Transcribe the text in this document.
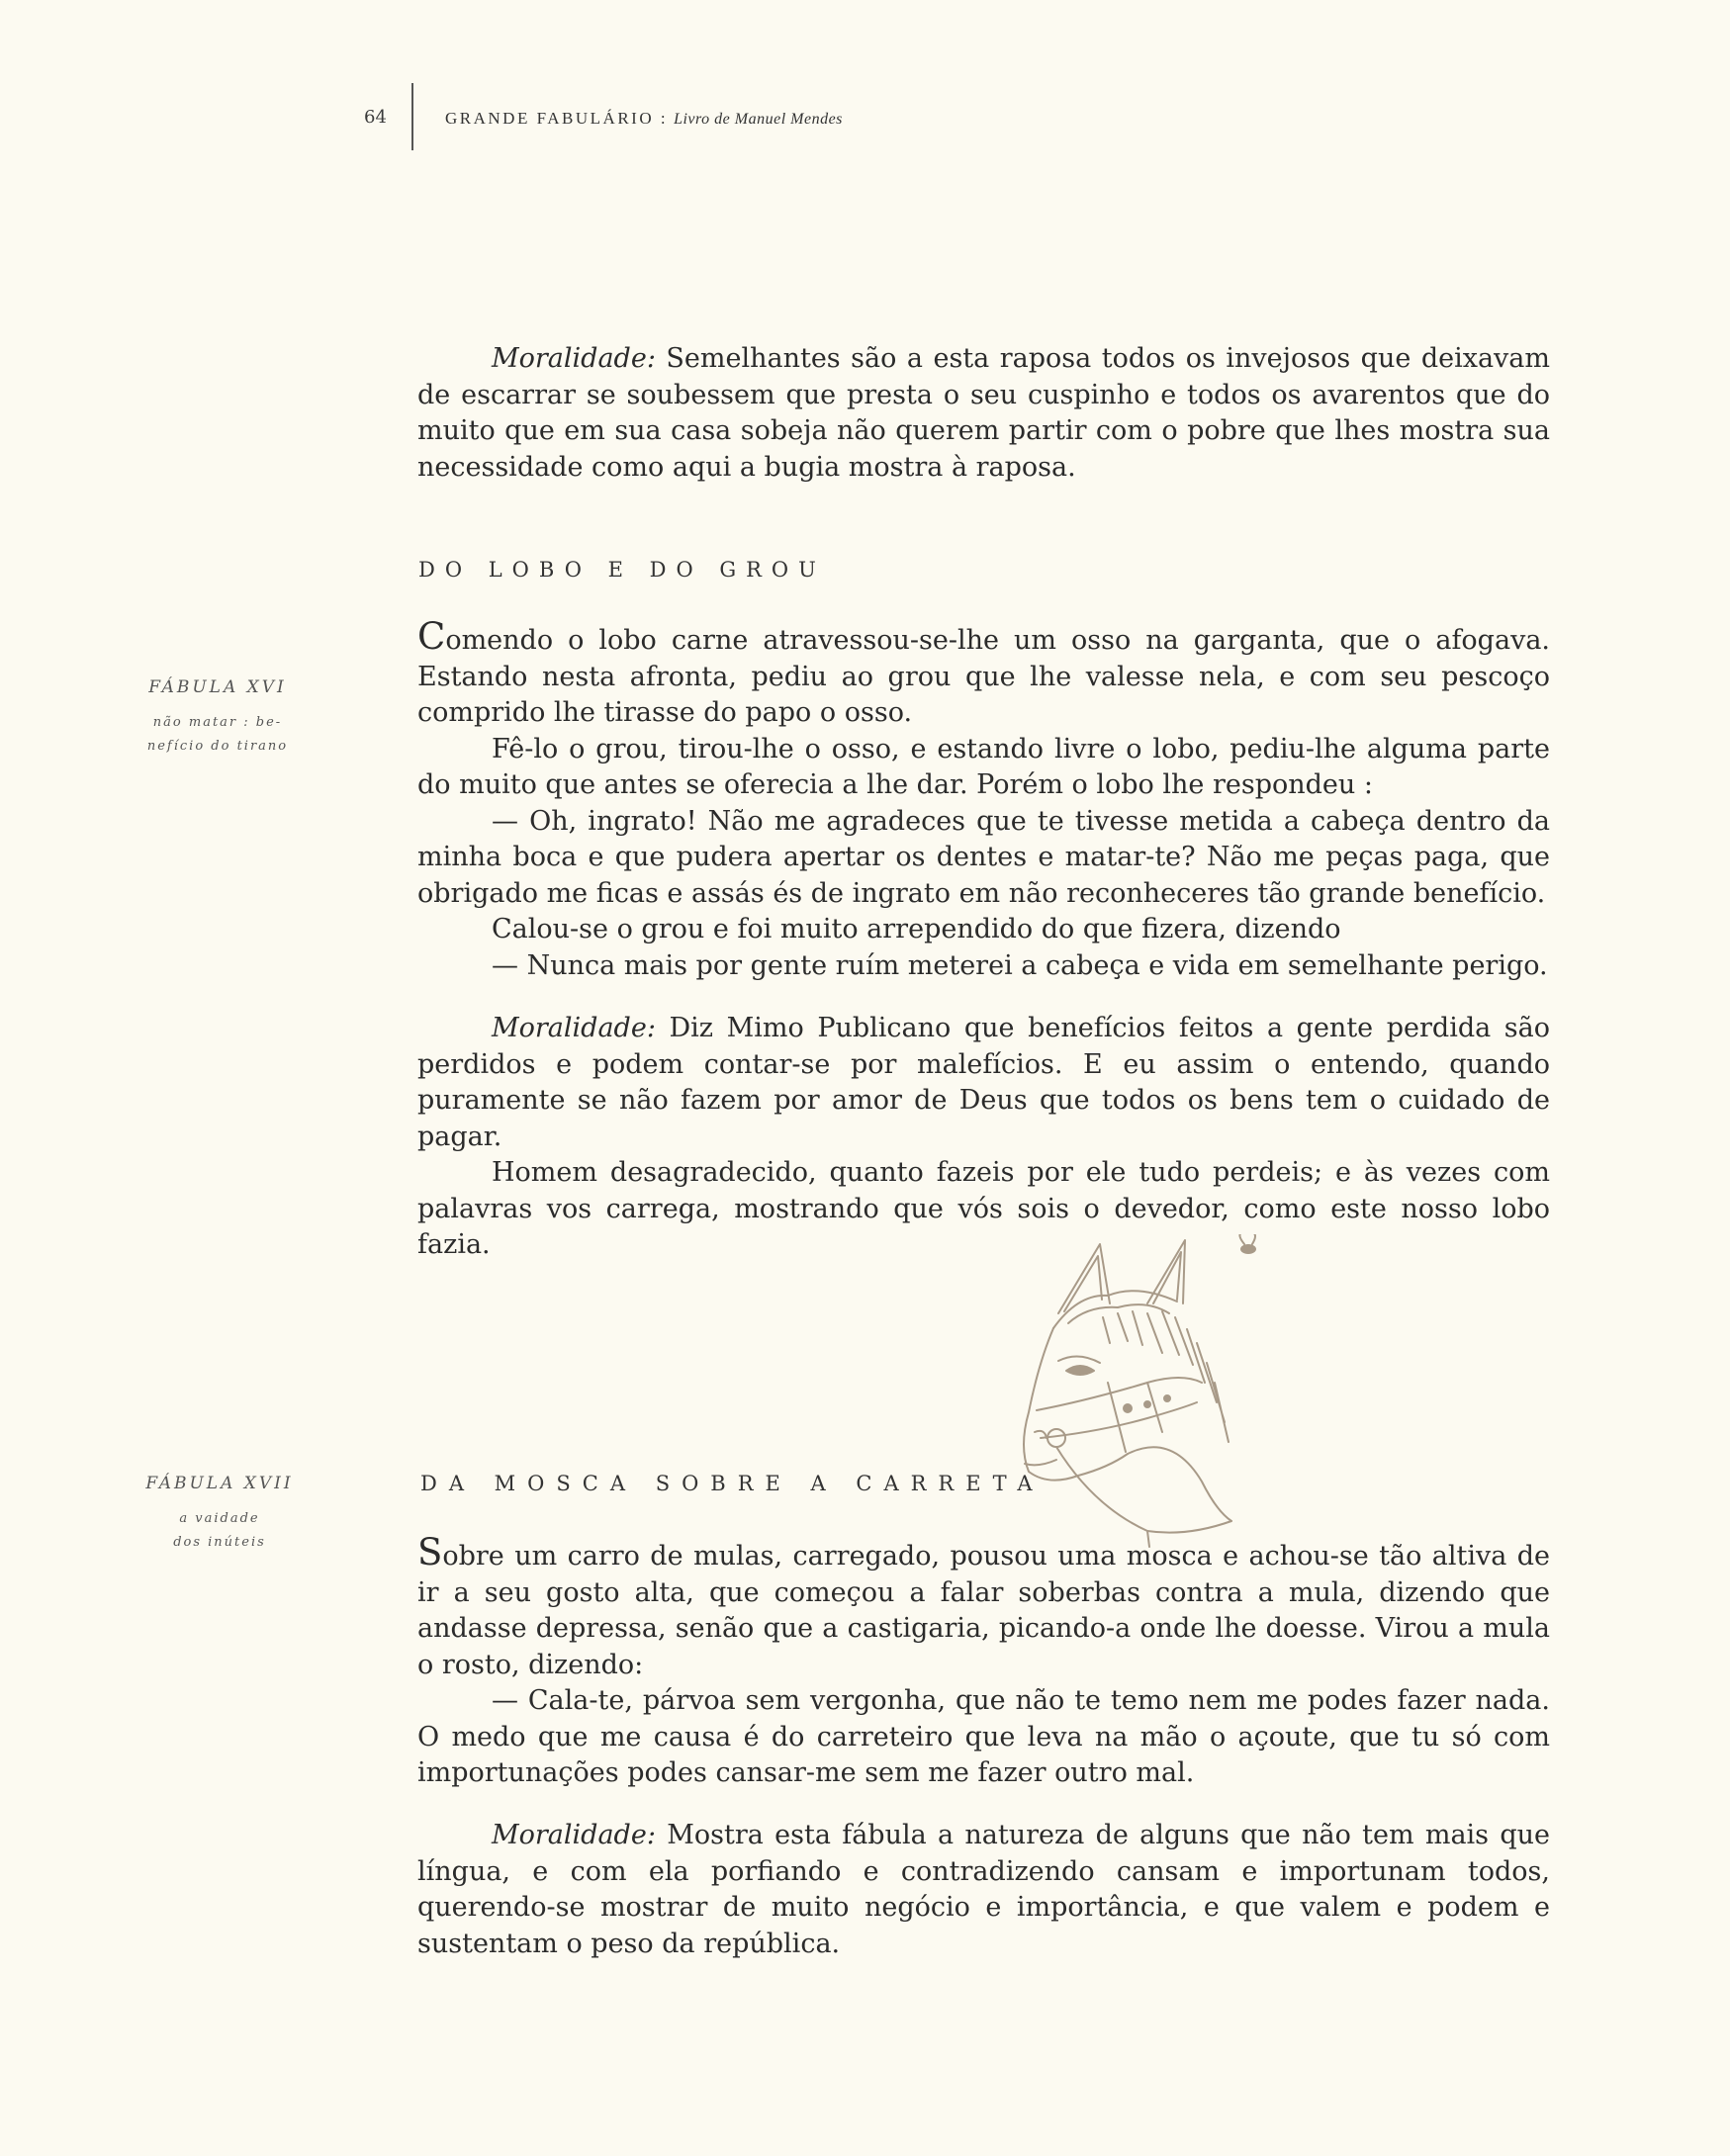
64	GRANDE FABULÁRIO : Livro de Manuel Mendes

Moralidade: Semelhantes são a esta raposa todos os invejosos que deixavam de escarrar se soubessem que presta o seu cuspinho e todos os avarentos que do muito que em sua casa sobeja não querem partir com o pobre que lhes mostra sua necessidade como aqui a bugia mostra à raposa.

DO LOBO E DO GROU
FÁBULA XVI
não matar : be-
nefício do tirano

Comendo o lobo carne atravessou-se-lhe um osso na garganta, que o afogava. Estando nesta afronta, pediu ao grou que lhe valesse nela, e com seu pescoço comprido lhe tirasse do papo o osso.

Fê-lo o grou, tirou-lhe o osso, e estando livre o lobo, pediu-lhe alguma parte do muito que antes se oferecia a lhe dar. Porém o lobo lhe respondeu :

— Oh, ingrato! Não me agradeces que te tivesse metida a cabeça dentro da minha boca e que pudera apertar os dentes e matar-te? Não me peças paga, que obrigado me ficas e assás és de ingrato em não reconheceres tão grande benefício.

Calou-se o grou e foi muito arrependido do que fizera, dizendo

— Nunca mais por gente ruím meterei a cabeça e vida em semelhante perigo.

Moralidade: Diz Mimo Publicano que benefícios feitos a gente perdida são perdidos e podem contar-se por malefícios. E eu assim o entendo, quando puramente se não fazem por amor de Deus que todos os bens tem o cuidado de pagar.

Homem desagradecido, quanto fazeis por ele tudo perdeis; e às vezes com palavras vos carrega, mostrando que vós sois o devedor, como este nosso lobo fazia.

DA MOSCA SOBRE A CARRETA
FÁBULA XVII
a vaidade
dos inúteis	Sobre um carro de mulas, carregado, pousou uma mosca e achou-se tão altiva de ir a seu gosto alta, que começou a falar soberbas contra a mula, dizendo que andasse depressa, senão que a castigaria, picando-a onde lhe doesse. Virou a mula o rosto, dizendo:

— Cala-te, párvoa sem vergonha, que não te temo nem me podes fazer nada. O medo que me causa é do carreteiro que leva na mão o açoute, que tu só com importunações podes cansar-me sem me fazer outro mal.

Moralidade: Mostra esta fábula a natureza de alguns que não tem mais que língua, e com ela porfiando e contradizendo cansam e importunam todos, querendo-se mostrar de muito negócio e importância, e que valem e podem e sustentam o peso da república.
